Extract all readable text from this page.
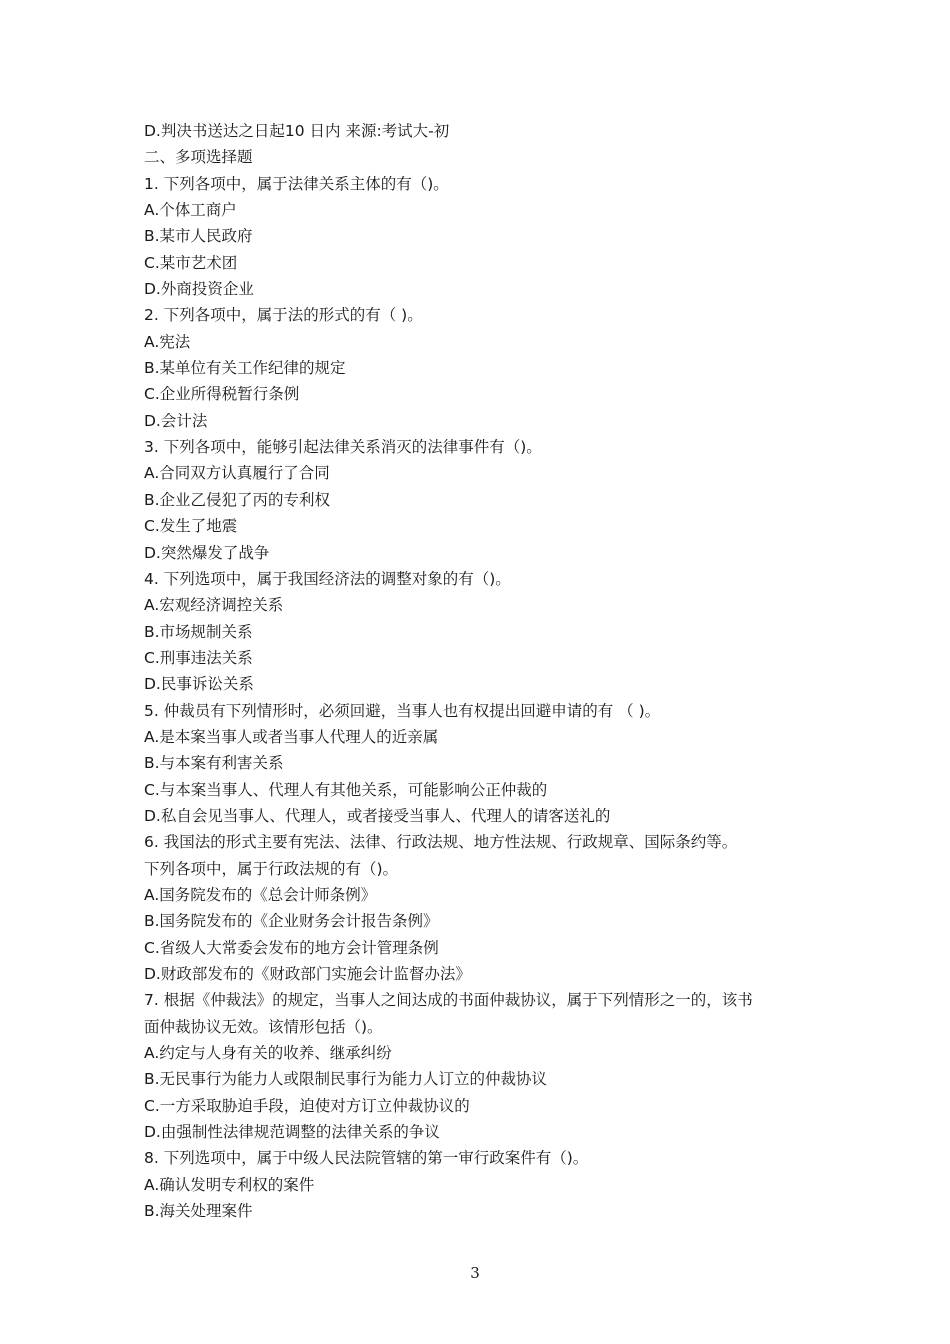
D.判决书送达之日起10 日内 来源:考试大-初
二、多项选择题
1. 下列各项中，属于法律关系主体的有（)。
A.个体工商户
B.某市人民政府
C.某市艺术团
D.外商投资企业
2. 下列各项中，属于法的形式的有（ )。
A.宪法
B.某单位有关工作纪律的规定
C.企业所得税暂行条例
D.会计法
3. 下列各项中，能够引起法律关系消灭的法律事件有（)。
A.合同双方认真履行了合同
B.企业乙侵犯了丙的专利权
C.发生了地震
D.突然爆发了战争
4. 下列选项中，属于我国经济法的调整对象的有（)。
A.宏观经济调控关系
B.市场规制关系
C.刑事违法关系
D.民事诉讼关系
5. 仲裁员有下列情形时，必须回避，当事人也有权提出回避申请的有 （ )。
A.是本案当事人或者当事人代理人的近亲属
B.与本案有利害关系
C.与本案当事人、代理人有其他关系，可能影响公正仲裁的
D.私自会见当事人、代理人，或者接受当事人、代理人的请客送礼的
6. 我国法的形式主要有宪法、法律、行政法规、地方性法规、行政规章、国际条约等。
下列各项中，属于行政法规的有（)。
A.国务院发布的《总会计师条例》
B.国务院发布的《企业财务会计报告条例》
C.省级人大常委会发布的地方会计管理条例
D.财政部发布的《财政部门实施会计监督办法》
7. 根据《仲裁法》的规定，当事人之间达成的书面仲裁协议，属于下列情形之一的，该书
面仲裁协议无效。该情形包括（)。
A.约定与人身有关的收养、继承纠纷
B.无民事行为能力人或限制民事行为能力人订立的仲裁协议
C.一方采取胁迫手段，迫使对方订立仲裁协议的
D.由强制性法律规范调整的法律关系的争议
8. 下列选项中，属于中级人民法院管辖的第一审行政案件有（)。
A.确认发明专利权的案件
B.海关处理案件
3
